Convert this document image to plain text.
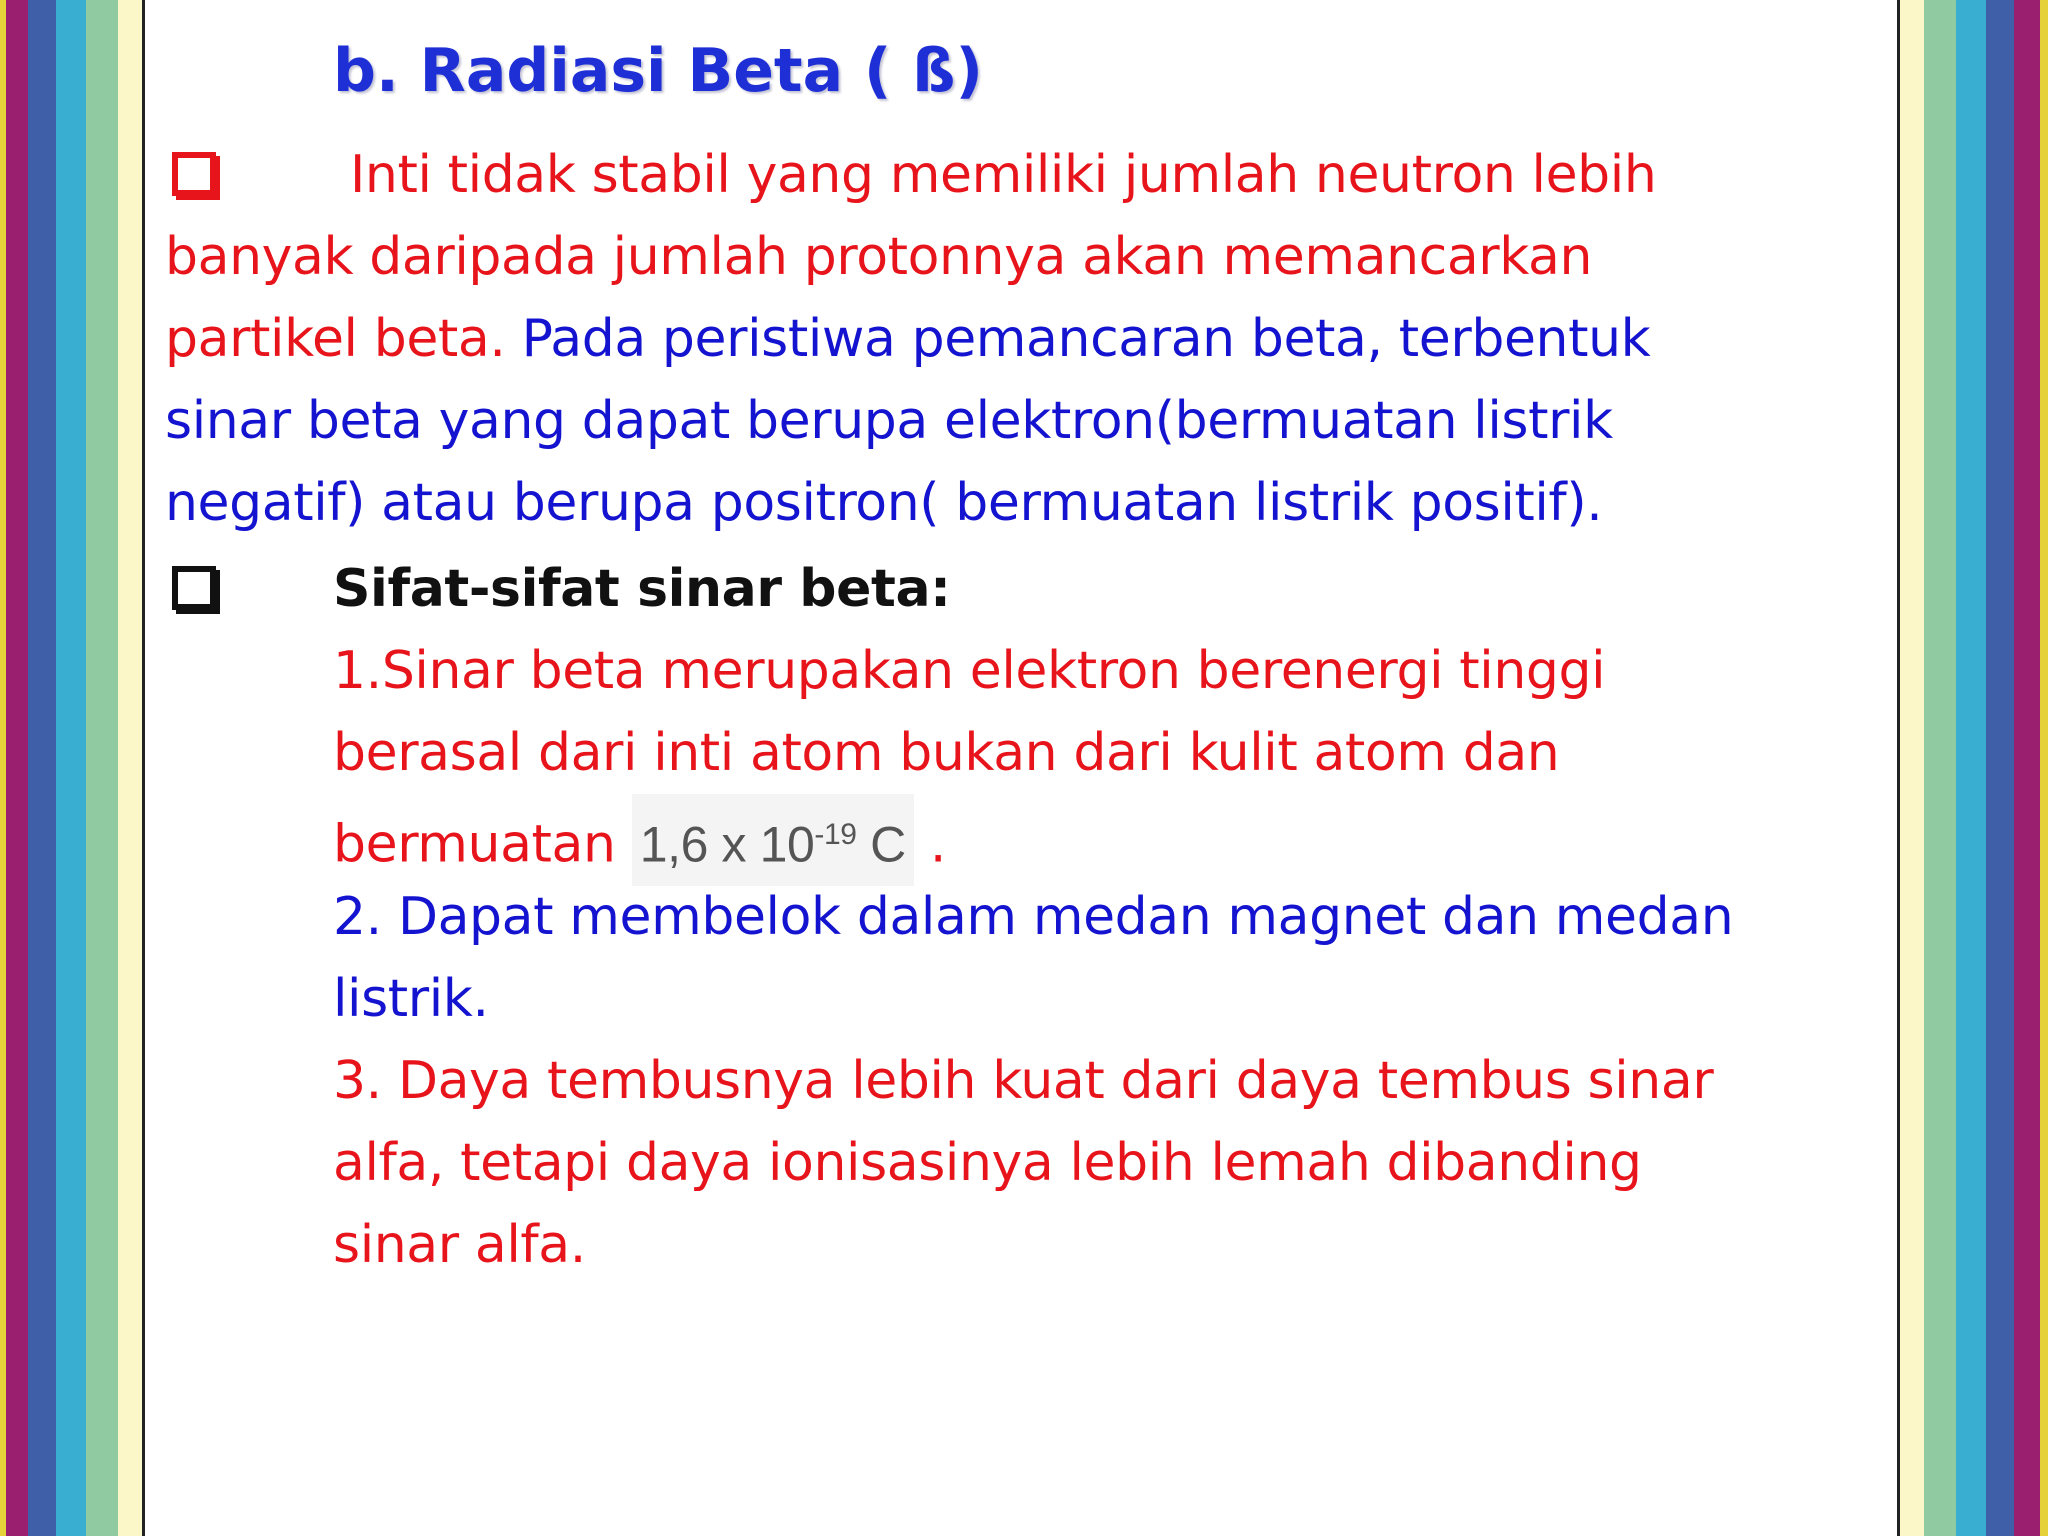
b. Radiasi Beta ( ß)
Inti tidak stabil yang memiliki jumlah neutron lebih
banyak daripada jumlah protonnya akan memancarkan
partikel beta. Pada peristiwa pemancaran beta, terbentuk
sinar beta yang dapat berupa elektron(bermuatan listrik
negatif) atau berupa positron( bermuatan listrik positif).
Sifat-sifat sinar beta:
1.Sinar beta merupakan elektron berenergi tinggi
berasal dari inti atom bukan dari kulit atom dan
bermuatan 1,6 x $10^{-19}$ C .
2. Dapat membelok dalam medan magnet dan medan
listrik.
3. Daya tembusnya lebih kuat dari daya tembus sinar
alfa, tetapi daya ionisasinya lebih lemah dibanding
sinar alfa.
